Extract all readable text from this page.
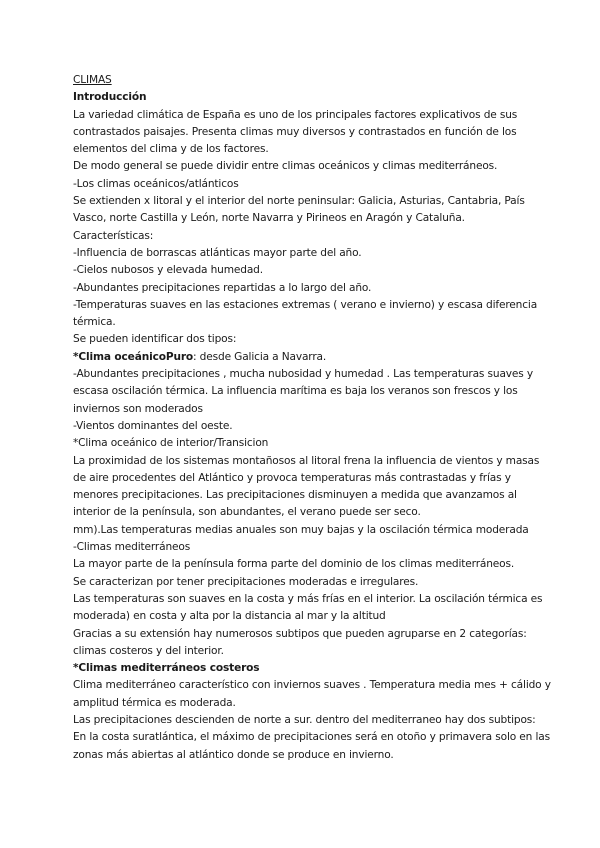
CLIMAS
Introducción
La variedad climática de España es uno de los principales factores explicativos de sus
contrastados paisajes. Presenta climas muy diversos y contrastados en función de los
elementos del clima y de los factores.
De modo general se puede dividir entre climas oceánicos y climas mediterráneos.
-Los climas oceánicos/atlánticos
Se extienden x litoral y el interior del norte peninsular: Galicia, Asturias, Cantabria, País
Vasco, norte Castilla y León, norte Navarra y Pirineos en Aragón y Cataluña.
Características:
-Influencia de borrascas atlánticas mayor parte del año.
-Cielos nubosos y elevada humedad.
-Abundantes precipitaciones repartidas a lo largo del año.
-Temperaturas suaves en las estaciones extremas ( verano e invierno) y escasa diferencia
térmica.
Se pueden identificar dos tipos:
*Clima oceánicoPuro: desde Galicia a Navarra.
-Abundantes precipitaciones , mucha nubosidad y humedad . Las temperaturas suaves y
escasa oscilación térmica. La influencia marítima es baja los veranos son frescos y los
inviernos son moderados
-Vientos dominantes del oeste.
*Clima oceánico de interior/Transicion
La proximidad de los sistemas montañosos al litoral frena la influencia de vientos y masas
de aire procedentes del Atlántico y provoca temperaturas más contrastadas y frías y
menores precipitaciones. Las precipitaciones disminuyen a medida que avanzamos al
interior de la península, son abundantes, el verano puede ser seco.
mm).Las temperaturas medias anuales son muy bajas y la oscilación térmica moderada
-Climas mediterráneos
La mayor parte de la península forma parte del dominio de los climas mediterráneos.
Se caracterizan por tener precipitaciones moderadas e irregulares.
Las temperaturas son suaves en la costa y más frías en el interior. La oscilación térmica es
moderada) en costa y alta por la distancia al mar y la altitud
Gracias a su extensión hay numerosos subtipos que pueden agruparse en 2 categorías:
climas costeros y del interior.
*Climas mediterráneos costeros
Clima mediterráneo característico con inviernos suaves . Temperatura media mes + cálido y
amplitud térmica es moderada.
Las precipitaciones descienden de norte a sur. dentro del mediterraneo hay dos subtipos:
En la costa suratlántica, el máximo de precipitaciones será en otoño y primavera solo en las
zonas más abiertas al atlántico donde se produce en invierno.
